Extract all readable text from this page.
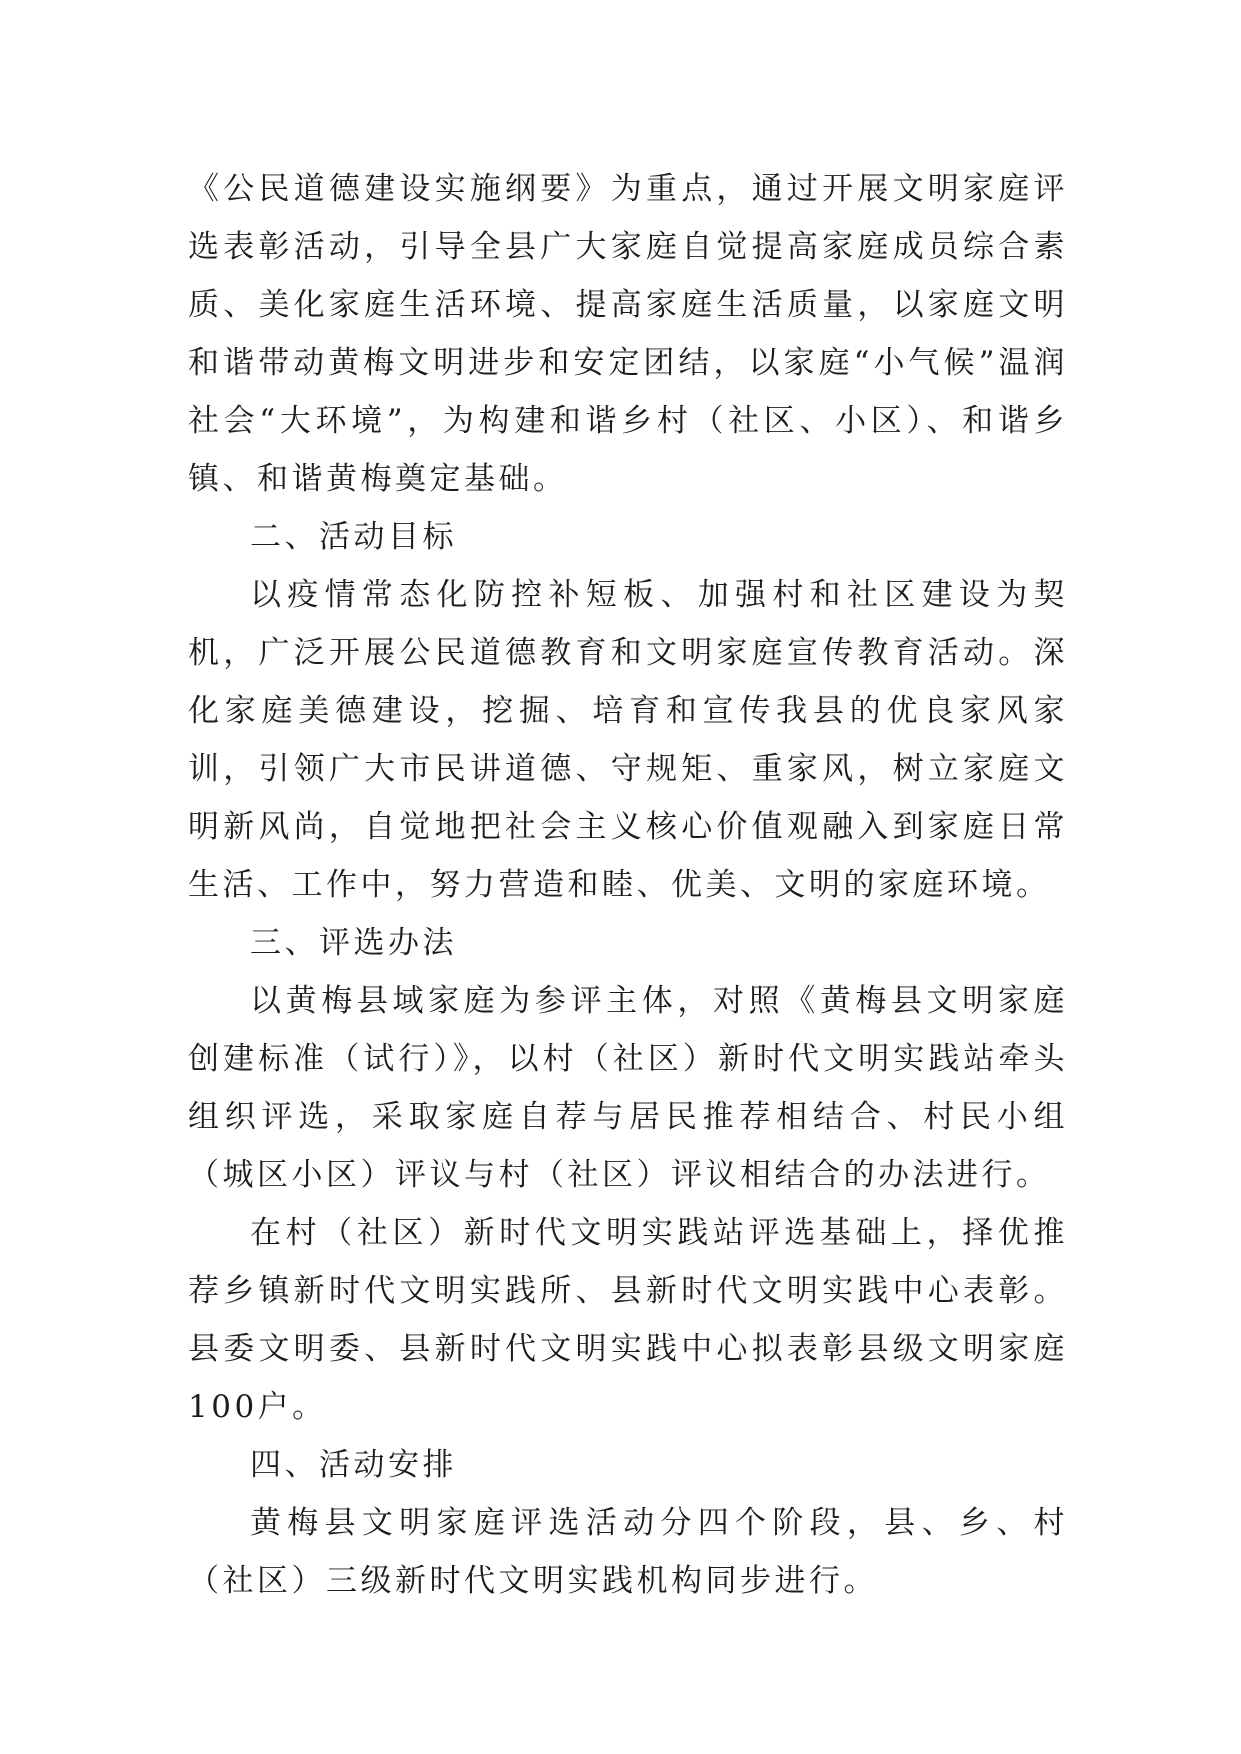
《公民道德建设实施纲要》为重点，通过开展文明家庭评选表彰活动，引导全县广大家庭自觉提高家庭成员综合素质、美化家庭生活环境、提高家庭生活质量，以家庭文明和谐带动黄梅文明进步和安定团结，以家庭“小气候”温润社会“大环境”，为构建和谐乡村（社区、小区）、和谐乡镇、和谐黄梅奠定基础。

二、活动目标

以疫情常态化防控补短板、加强村和社区建设为契机，广泛开展公民道德教育和文明家庭宣传教育活动。深化家庭美德建设，挖掘、培育和宣传我县的优良家风家训，引领广大市民讲道德、守规矩、重家风，树立家庭文明新风尚，自觉地把社会主义核心价值观融入到家庭日常生活、工作中，努力营造和睦、优美、文明的家庭环境。

三、评选办法

以黄梅县域家庭为参评主体，对照《黄梅县文明家庭创建标准（试行）》，以村（社区）新时代文明实践站牵头组织评选，采取家庭自荐与居民推荐相结合、村民小组（城区小区）评议与村（社区）评议相结合的办法进行。

在村（社区）新时代文明实践站评选基础上，择优推荐乡镇新时代文明实践所、县新时代文明实践中心表彰。县委文明委、县新时代文明实践中心拟表彰县级文明家庭100户。

四、活动安排

黄梅县文明家庭评选活动分四个阶段，县、乡、村（社区）三级新时代文明实践机构同步进行。
